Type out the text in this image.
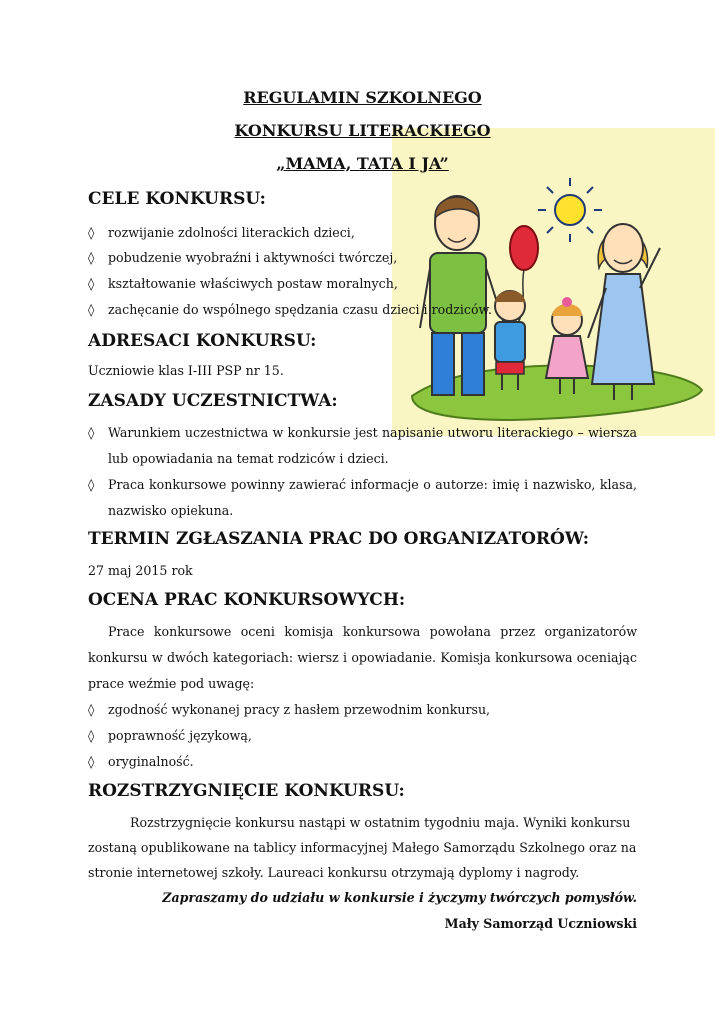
REGULAMIN SZKOLNEGO
KONKURSU LITERACKIEGO
„MAMA, TATA I JA”
CELE KONKURSU:
◊ rozwijanie zdolności literackich dzieci,
◊ pobudzenie wyobraźni i aktywności twórczej,
◊ kształtowanie właściwych postaw moralnych,
◊ zachęcanie do wspólnego spędzania czasu dzieci i rodziców.
ADRESACI KONKURSU:
Uczniowie klas I-III PSP nr 15.
ZASADY UCZESTNICTWA:
◊ Warunkiem uczestnictwa w konkursie jest napisanie utworu literackiego – wiersza
lub opowiadania na temat rodziców i dzieci.
◊ Praca konkursowe powinny zawierać informacje o autorze: imię i nazwisko, klasa,
nazwisko opiekuna.
TERMIN ZGŁASZANIA PRAC DO ORGANIZATORÓW:
27 maj 2015 rok
OCENA PRAC KONKURSOWYCH:
Prace konkursowe oceni komisja konkursowa powołana przez organizatorów
konkursu w dwóch kategoriach: wiersz i opowiadanie. Komisja konkursowa oceniając
prace weźmie pod uwagę:
◊ zgodność wykonanej pracy z hasłem przewodnim konkursu,
◊ poprawność językową,
◊ oryginalność.
ROZSTRZYGNIĘCIE KONKURSU:
Rozstrzygnięcie konkursu nastąpi w ostatnim tygodniu maja. Wyniki konkursu
zostaną opublikowane na tablicy informacyjnej Małego Samorządu Szkolnego oraz na
stronie internetowej szkoły. Laureaci konkursu otrzymają dyplomy i nagrody.
Zapraszamy do udziału w konkursie i życzymy twórczych pomysłów.
Mały Samorząd Uczniowski
